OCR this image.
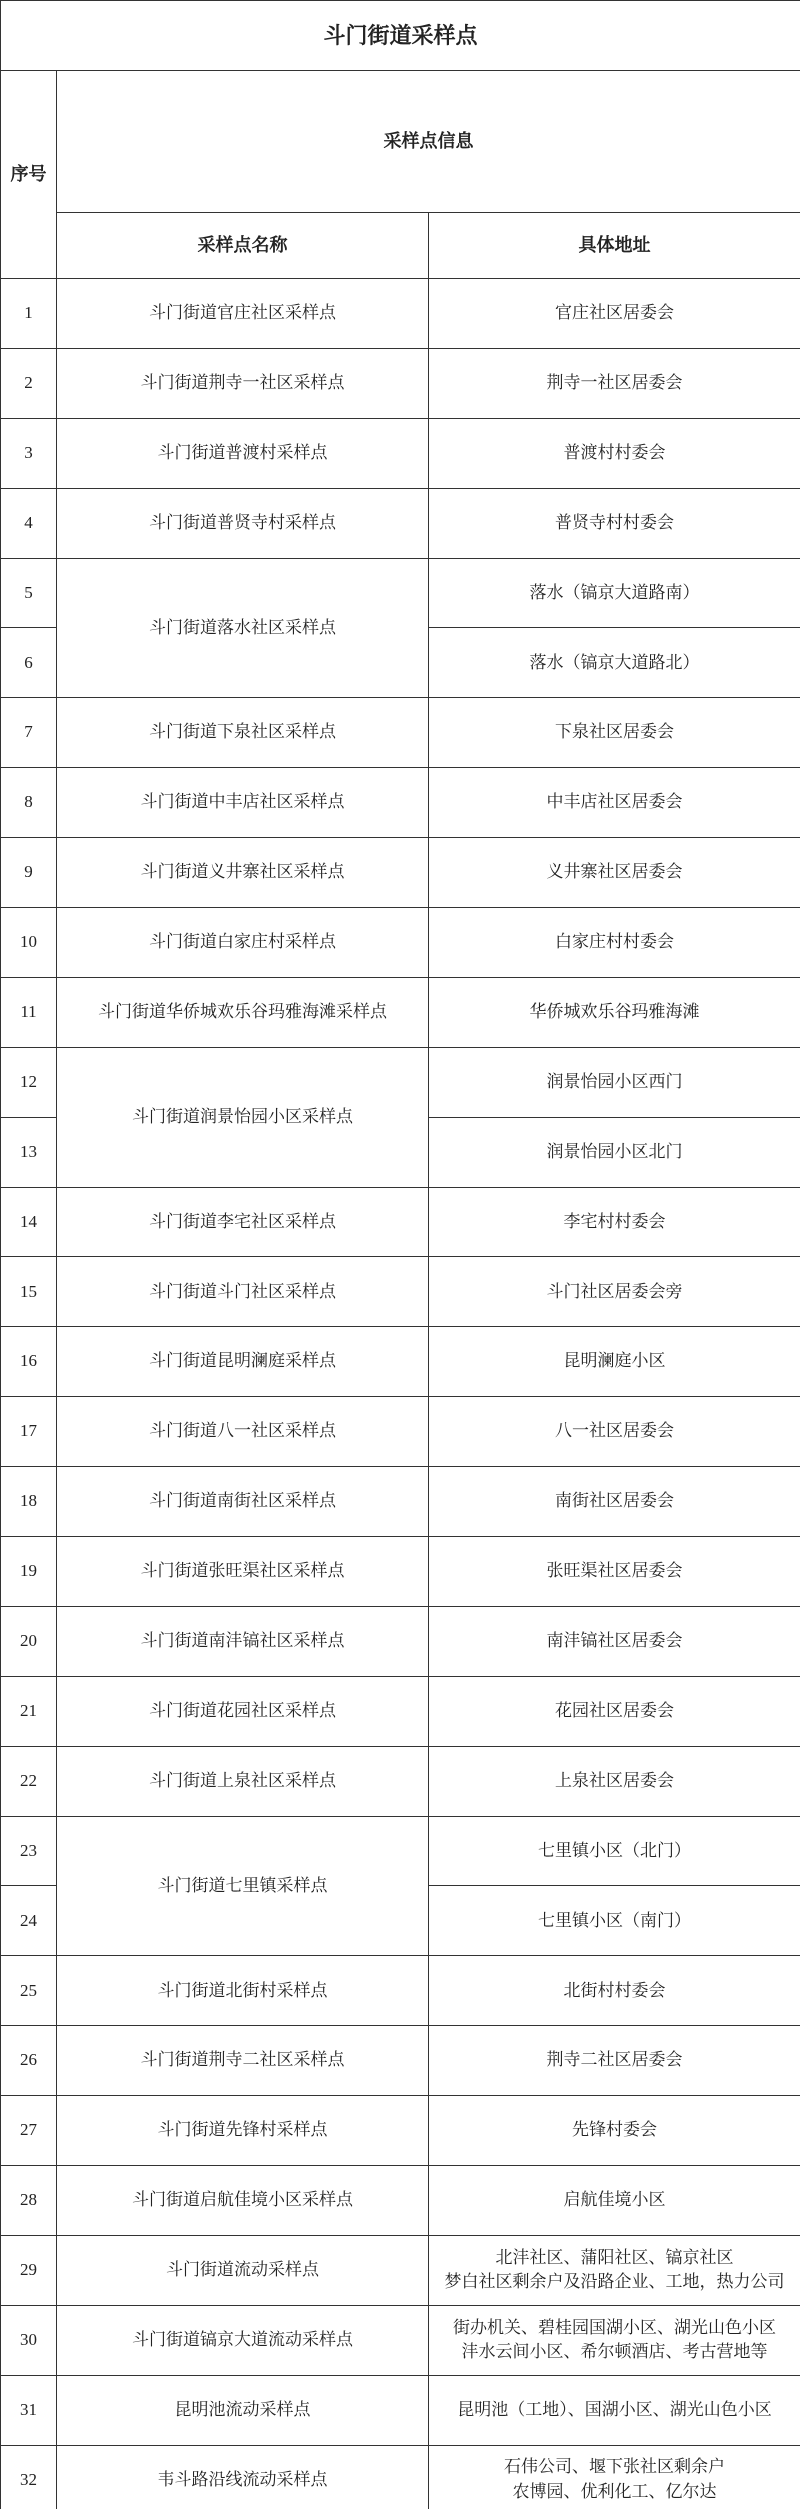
斗门街道采样点		
序号	采样点信息	
	采样点名称	具体地址
1	斗门街道官庄社区采样点	官庄社区居委会
2	斗门街道荆寺一社区采样点	荆寺一社区居委会
3	斗门街道普渡村采样点	普渡村村委会
4	斗门街道普贤寺村采样点	普贤寺村村委会
5	斗门街道落水社区采样点	落水（镐京大道路南）
6		落水（镐京大道路北）
7	斗门街道下泉社区采样点	下泉社区居委会
8	斗门街道中丰店社区采样点	中丰店社区居委会
9	斗门街道义井寨社区采样点	义井寨社区居委会
10	斗门街道白家庄村采样点	白家庄村村委会
11	斗门街道华侨城欢乐谷玛雅海滩采样点	华侨城欢乐谷玛雅海滩
12	斗门街道润景怡园小区采样点	润景怡园小区西门
13		润景怡园小区北门
14	斗门街道李宅社区采样点	李宅村村委会
15	斗门街道斗门社区采样点	斗门社区居委会旁
16	斗门街道昆明澜庭采样点	昆明澜庭小区
17	斗门街道八一社区采样点	八一社区居委会
18	斗门街道南街社区采样点	南街社区居委会
19	斗门街道张旺渠社区采样点	张旺渠社区居委会
20	斗门街道南沣镐社区采样点	南沣镐社区居委会
21	斗门街道花园社区采样点	花园社区居委会
22	斗门街道上泉社区采样点	上泉社区居委会
23	斗门街道七里镇采样点	七里镇小区（北门）
24		七里镇小区（南门）
25	斗门街道北街村采样点	北街村村委会
26	斗门街道荆寺二社区采样点	荆寺二社区居委会
27	斗门街道先锋村采样点	先锋村委会
28	斗门街道启航佳境小区采样点	启航佳境小区
29	斗门街道流动采样点	北沣社区、蒲阳社区、镐京社区
梦白社区剩余户及沿路企业、工地，热力公司
30	斗门街道镐京大道流动采样点	街办机关、碧桂园国湖小区、湖光山色小区
沣水云间小区、希尔顿酒店、考古营地等
31	昆明池流动采样点	昆明池（工地）、国湖小区、湖光山色小区
32	韦斗路沿线流动采样点	石伟公司、堰下张社区剩余户
农博园、优利化工、亿尔达
